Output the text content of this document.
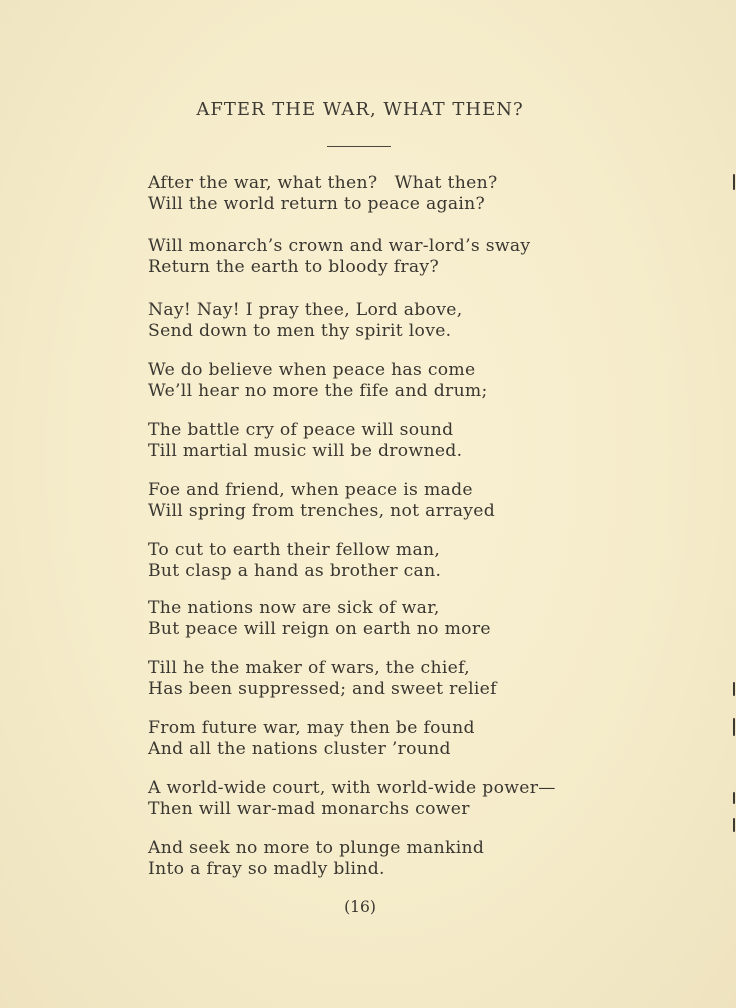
AFTER THE WAR, WHAT THEN?
After the war, what then?   What then?
Will the world return to peace again?
Will monarch’s crown and war-lord’s sway
Return the earth to bloody fray?
Nay! Nay! I pray thee, Lord above,
Send down to men thy spirit love.
We do believe when peace has come
We’ll hear no more the fife and drum;
The battle cry of peace will sound
Till martial music will be drowned.
Foe and friend, when peace is made
Will spring from trenches, not arrayed
To cut to earth their fellow man,
But clasp a hand as brother can.
The nations now are sick of war,
But peace will reign on earth no more
Till he the maker of wars, the chief,
Has been suppressed; and sweet relief
From future war, may then be found
And all the nations cluster ’round
A world-wide court, with world-wide power—
Then will war-mad monarchs cower
And seek no more to plunge mankind
Into a fray so madly blind.
(16)
